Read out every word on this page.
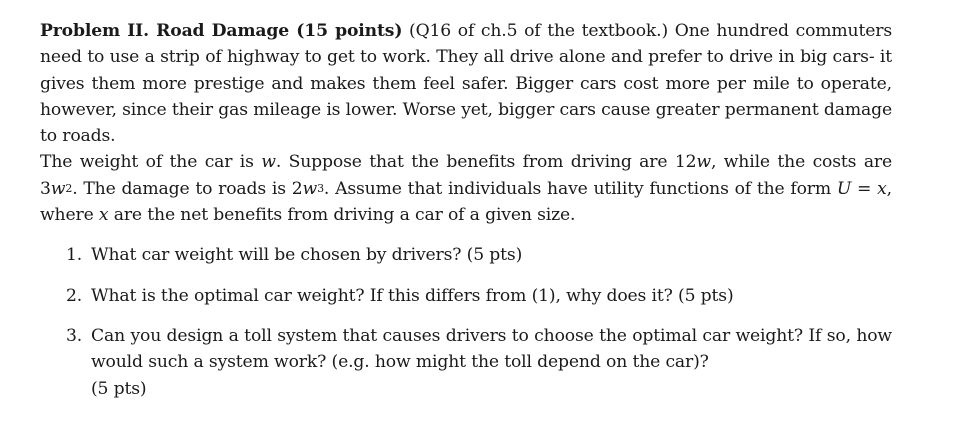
Problem II. Road Damage (15 points) (Q16 of ch.5 of the textbook.) One hundred commuters need to use a strip of highway to get to work. They all drive alone and prefer to drive in big cars- it gives them more prestige and makes them feel safer. Bigger cars cost more per mile to operate, however, since their gas mileage is lower. Worse yet, bigger cars cause greater permanent damage to roads.

The weight of the car is w. Suppose that the benefits from driving are 12w, while the costs are $3w^2$. The damage to roads is $2w^3$. Assume that individuals have utility functions of the form U = x, where x are the net benefits from driving a car of a given size.

1. What car weight will be chosen by drivers? (5 pts)
2. What is the optimal car weight? If this differs from (1), why does it? (5 pts)
3. Can you design a toll system that causes drivers to choose the optimal car weight? If so, how would such a system work? (e.g. how might the toll depend on the car)?
(5 pts)
